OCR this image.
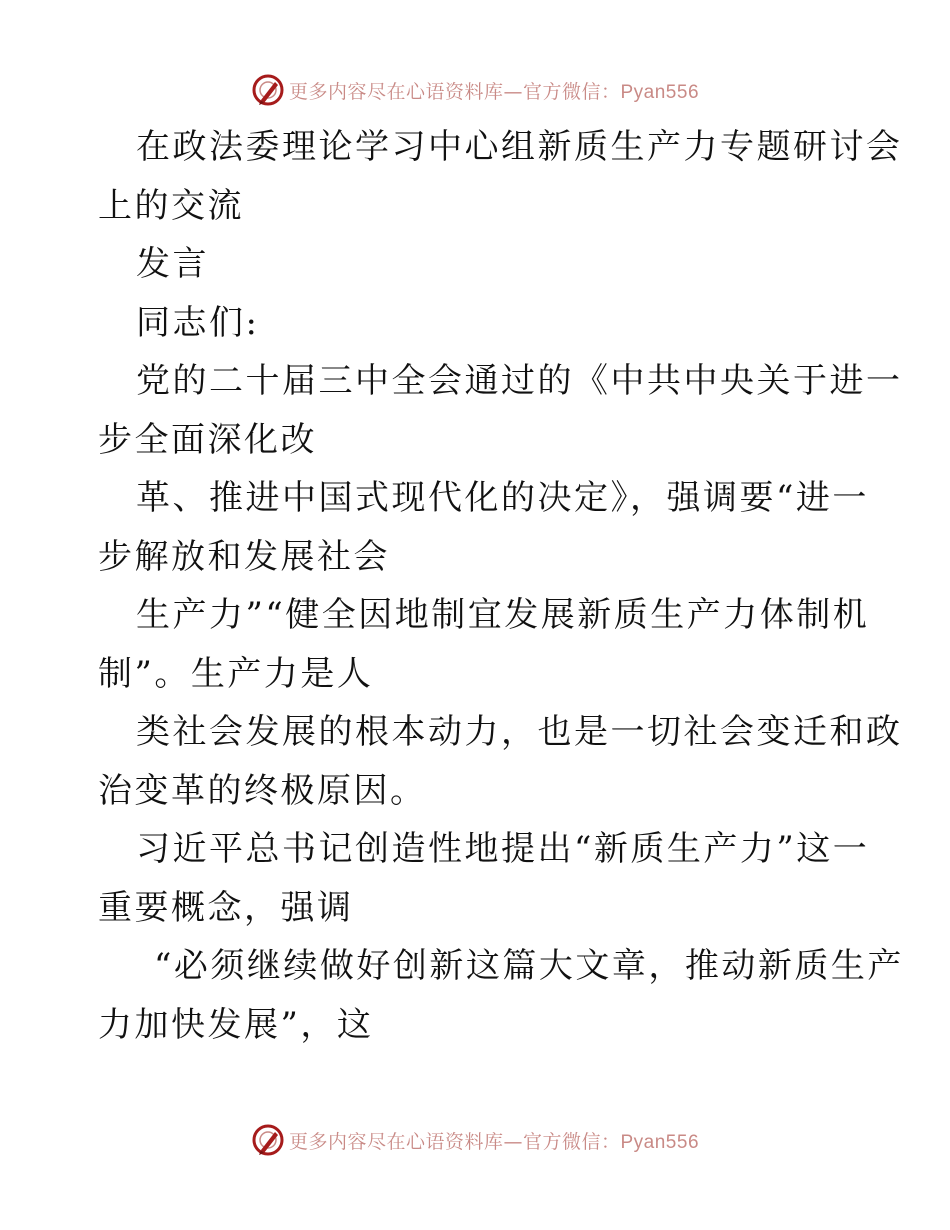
更多内容尽在心语资料库—官方微信：Pyan556
在政法委理论学习中心组新质生产力专题研讨会
上的交流
发言
同志们:
党的二十届三中全会通过的《中共中央关于进一
步全面深化改
革、推进中国式现代化的决定》，强调要“进一
步解放和发展社会
生产力”“健全因地制宜发展新质生产力体制机
制”。生产力是人
类社会发展的根本动力，也是一切社会变迁和政
治变革的终极原因。
习近平总书记创造性地提出“新质生产力”这一
重要概念，强调
“必须继续做好创新这篇大文章，推动新质生产
力加快发展”，这
更多内容尽在心语资料库—官方微信：Pyan556
